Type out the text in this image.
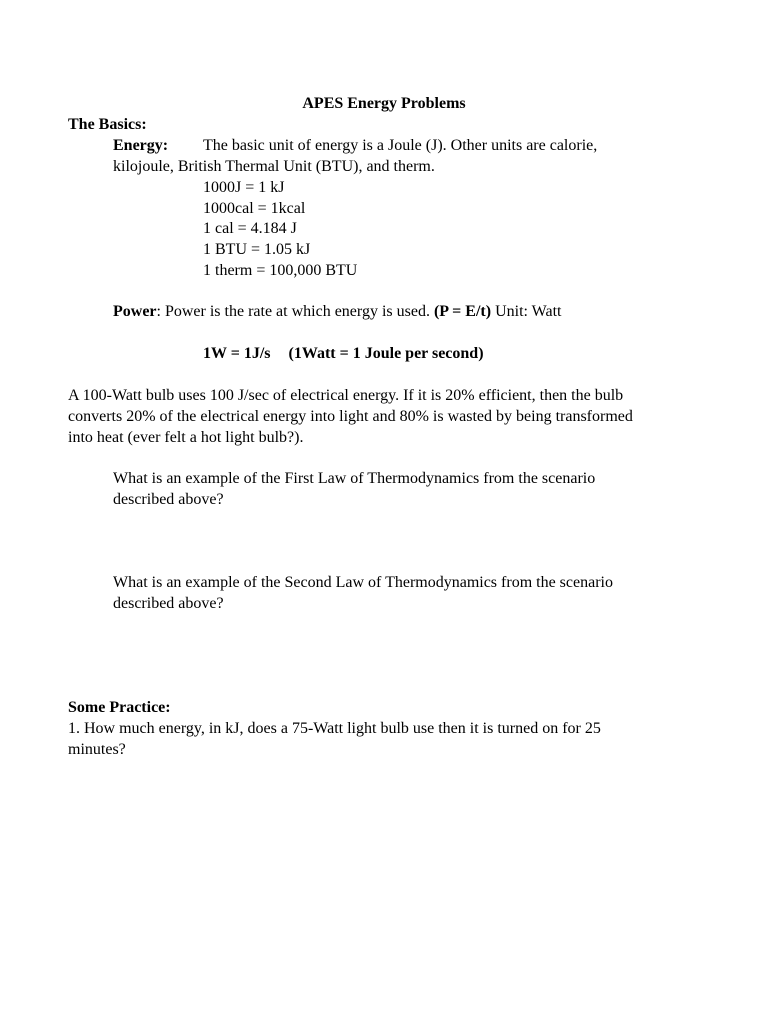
APES Energy Problems
The Basics:
Energy: The basic unit of energy is a Joule (J). Other units are calorie,
kilojoule, British Thermal Unit (BTU), and therm.
1000J = 1 kJ
1000cal = 1kcal
1 cal = 4.184 J
1 BTU = 1.05 kJ
1 therm = 100,000 BTU
Power: Power is the rate at which energy is used. (P = E/t) Unit: Watt
1W = 1J/s (1Watt = 1 Joule per second)
A 100-Watt bulb uses 100 J/sec of electrical energy. If it is 20% efficient, then the bulb
converts 20% of the electrical energy into light and 80% is wasted by being transformed
into heat (ever felt a hot light bulb?).
What is an example of the First Law of Thermodynamics from the scenario
described above?
What is an example of the Second Law of Thermodynamics from the scenario
described above?
Some Practice:
1. How much energy, in kJ, does a 75-Watt light bulb use then it is turned on for 25
minutes?
